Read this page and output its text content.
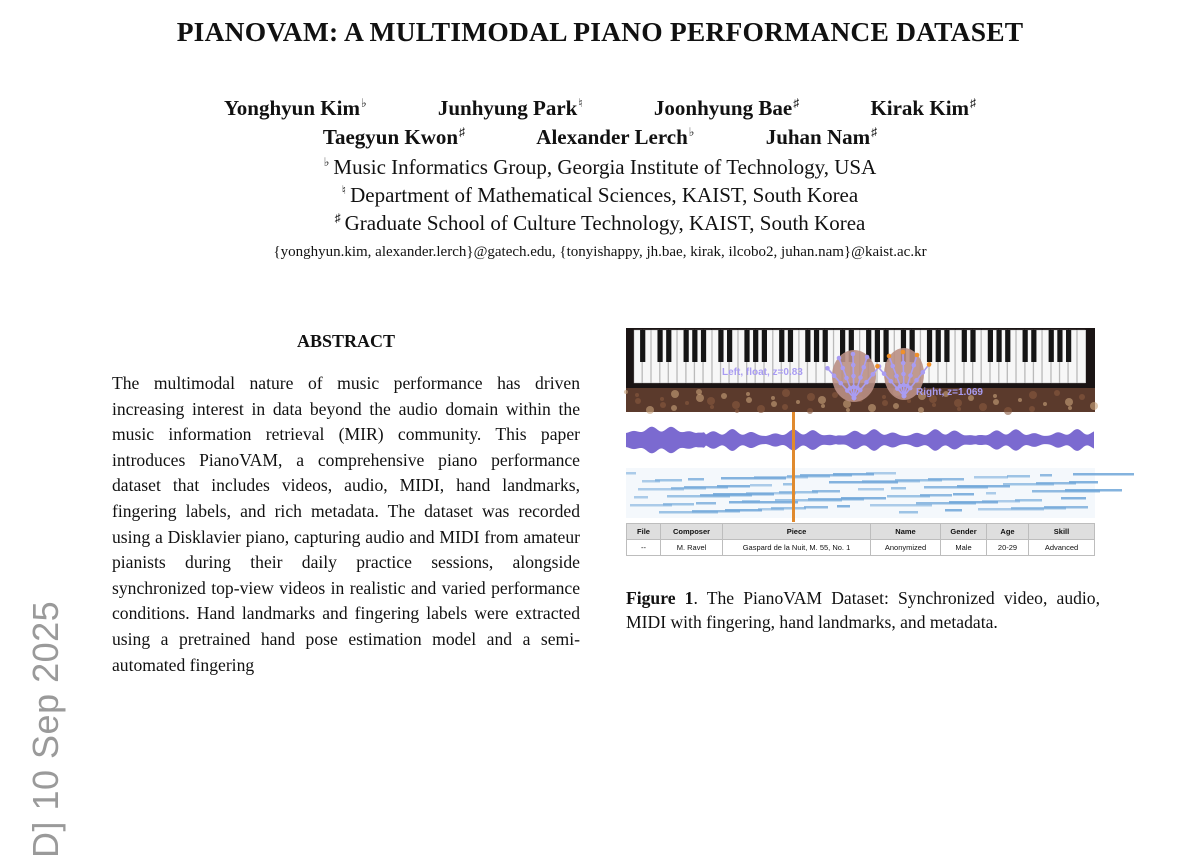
D] 10 Sep 2025
PIANOVAM: A MULTIMODAL PIANO PERFORMANCE DATASET
Yonghyun Kim♭	Junhyung Park♮	Joonhyung Bae♯	Kirak Kim♯
Taegyun Kwon♯	Alexander Lerch♭	Juhan Nam♯
♭ Music Informatics Group, Georgia Institute of Technology, USA
♮ Department of Mathematical Sciences, KAIST, South Korea
♯ Graduate School of Culture Technology, KAIST, South Korea
{yonghyun.kim, alexander.lerch}@gatech.edu, {tonyishappy, jh.bae, kirak, ilcobo2, juhan.nam}@kaist.ac.kr
ABSTRACT
The multimodal nature of music performance has driven increasing interest in data beyond the audio domain within the music information retrieval (MIR) community. This paper introduces PianoVAM, a comprehensive piano performance dataset that includes videos, audio, MIDI, hand landmarks, fingering labels, and rich metadata. The dataset was recorded using a Disklavier piano, capturing audio and MIDI from amateur pianists during their daily practice sessions, alongside synchronized top-view videos in realistic and varied performance conditions. Hand landmarks and fingering labels were extracted using a pretrained hand pose estimation model and a semi-automated fingering
Left, float, z=0.83
Right, z=1.069
File	Composer	Piece	Name	Gender	Age	Skill
--	M. Ravel	Gaspard de la Nuit, M. 55, No. 1	Anonymized	Male	20-29	Advanced
Figure 1. The PianoVAM Dataset: Synchronized video, audio, MIDI with fingering, hand landmarks, and metadata.
